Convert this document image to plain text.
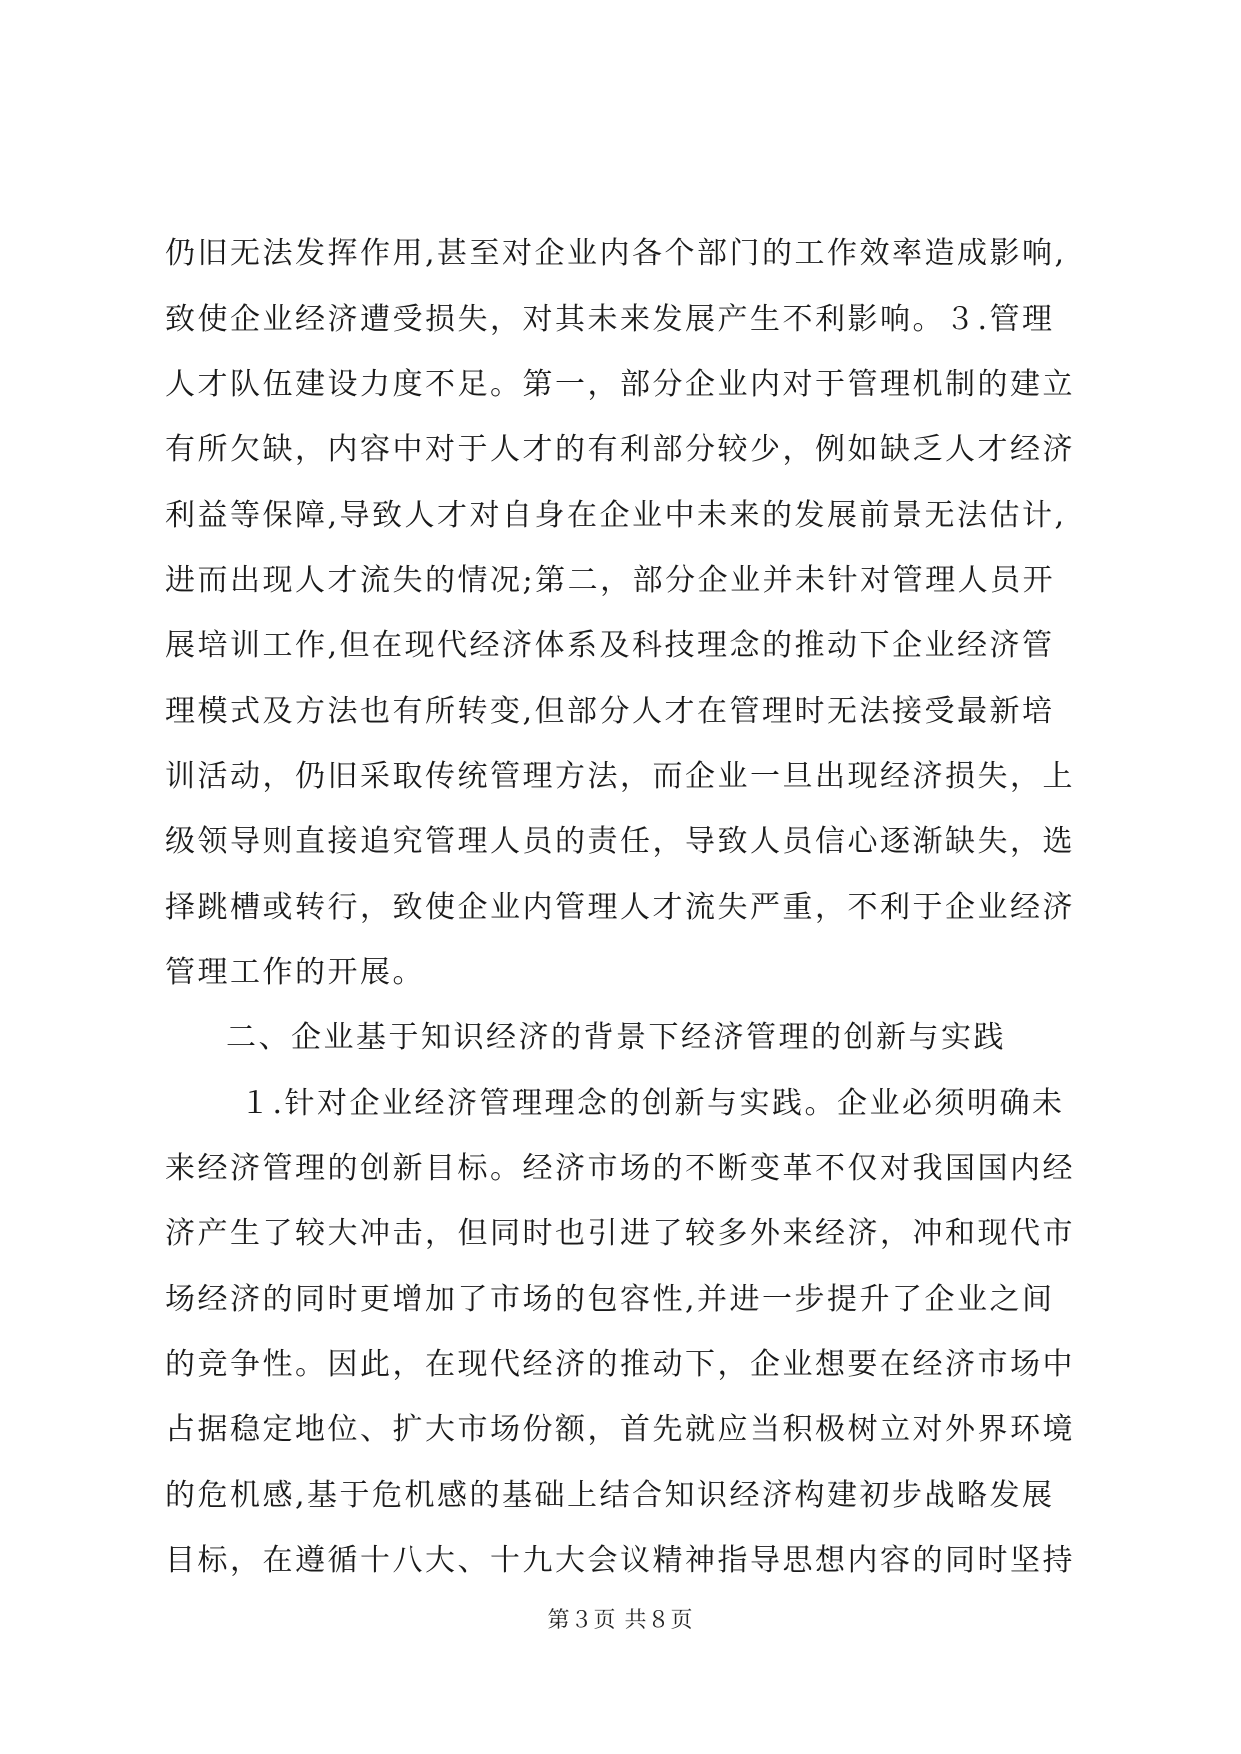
仍旧无法发挥作用,甚至对企业内各个部门的工作效率造成影响,
致使企业经济遭受损失，对其未来发展产生不利影响。３.管理
人才队伍建设力度不足。第一，部分企业内对于管理机制的建立
有所欠缺，内容中对于人才的有利部分较少，例如缺乏人才经济
利益等保障,导致人才对自身在企业中未来的发展前景无法估计,
进而出现人才流失的情况;第二，部分企业并未针对管理人员开
展培训工作,但在现代经济体系及科技理念的推动下企业经济管
理模式及方法也有所转变,但部分人才在管理时无法接受最新培
训活动，仍旧采取传统管理方法，而企业一旦出现经济损失，上
级领导则直接追究管理人员的责任，导致人员信心逐渐缺失，选
择跳槽或转行，致使企业内管理人才流失严重，不利于企业经济
管理工作的开展。
二、企业基于知识经济的背景下经济管理的创新与实践
１.针对企业经济管理理念的创新与实践。企业必须明确未
来经济管理的创新目标。经济市场的不断变革不仅对我国国内经
济产生了较大冲击，但同时也引进了较多外来经济，冲和现代市
场经济的同时更增加了市场的包容性,并进一步提升了企业之间
的竞争性。因此，在现代经济的推动下，企业想要在经济市场中
占据稳定地位、扩大市场份额，首先就应当积极树立对外界环境
的危机感,基于危机感的基础上结合知识经济构建初步战略发展
目标，在遵循十八大、十九大会议精神指导思想内容的同时坚持
第３页 共８页
